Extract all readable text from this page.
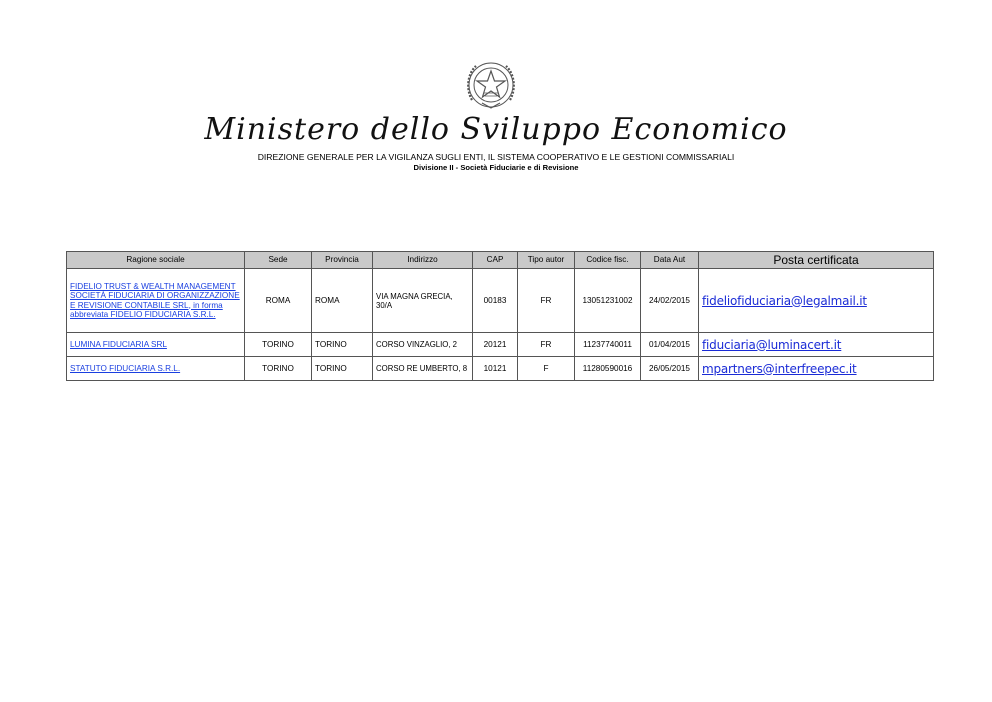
Ministero dello Sviluppo Economico
DIREZIONE GENERALE PER LA VIGILANZA SUGLI ENTI, IL SISTEMA COOPERATIVO E LE GESTIONI COMMISSARIALI
Divisione II - Società Fiduciarie e di Revisione
Ragione sociale	Sede	Provincia	Indirizzo	CAP	Tipo autor	Codice fisc.	Data Aut	Posta certificata
FIDELIO TRUST & WEALTH MANAGEMENT SOCIETÀ FIDUCIARIA DI ORGANIZZAZIONE E REVISIONE CONTABILE SRL, in forma abbreviata FIDELIO FIDUCIARIA S.R.L.	ROMA	ROMA	VIA MAGNA GRECIA, 30/A	00183	FR	13051231002	24/02/2015	fideliofiduciaria@legalmail.it
LUMINA FIDUCIARIA SRL	TORINO	TORINO	CORSO VINZAGLIO, 2	20121	FR	11237740011	01/04/2015	fiduciaria@luminacert.it
STATUTO FIDUCIARIA S.R.L.	TORINO	TORINO	CORSO RE UMBERTO, 8	10121	F	11280590016	26/05/2015	mpartners@interfreepec.it
